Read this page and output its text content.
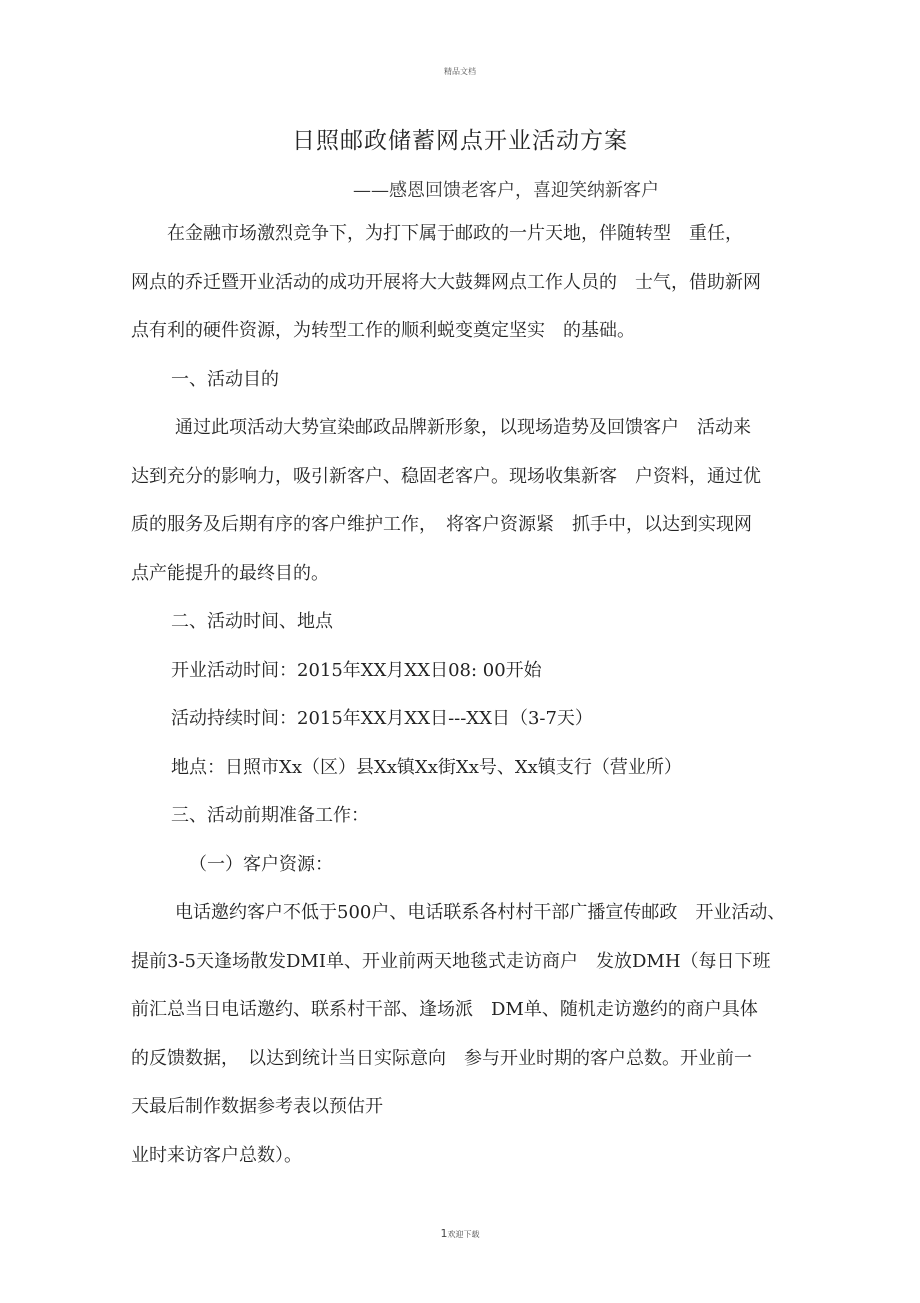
精品文档
日照邮政储蓄网点开业活动方案
——感恩回馈老客户，喜迎笑纳新客户
　　在金融市场激烈竞争下，为打下属于邮政的一片天地，伴随转型　重任，
网点的乔迁暨开业活动的成功开展将大大鼓舞网点工作人员的　士气，借助新网
点有利的硬件资源，为转型工作的顺利蜕变奠定坚实　的基础。
一、活动目的
通过此项活动大势宣染邮政品牌新形象，以现场造势及回馈客户　活动来
达到充分的影响力，吸引新客户、稳固老客户。现场收集新客　户资料，通过优
质的服务及后期有序的客户维护工作，　将客户资源紧　抓手中，以达到实现网
点产能提升的最终目的。
二、活动时间、地点
开业活动时间：2015年XX月XX日08: 00开始
活动持续时间：2015年XX月XX日---XX日（3-7天）
地点：日照市Xx（区）县Xx镇Xx街Xx号、Xx镇支行（营业所）
三、活动前期准备工作：
（一）客户资源：
电话邀约客户不低于500户、电话联系各村村干部广播宣传邮政　开业活动、
提前3-5天逢场散发DMI单、开业前两天地毯式走访商户　发放DMH（每日下班
前汇总当日电话邀约、联系村干部、逢场派　DM单、随机走访邀约的商户具体
的反馈数据，　以达到统计当日实际意向　参与开业时期的客户总数。开业前一
天最后制作数据参考表以预估开
业时来访客户总数）。
1欢迎下载
